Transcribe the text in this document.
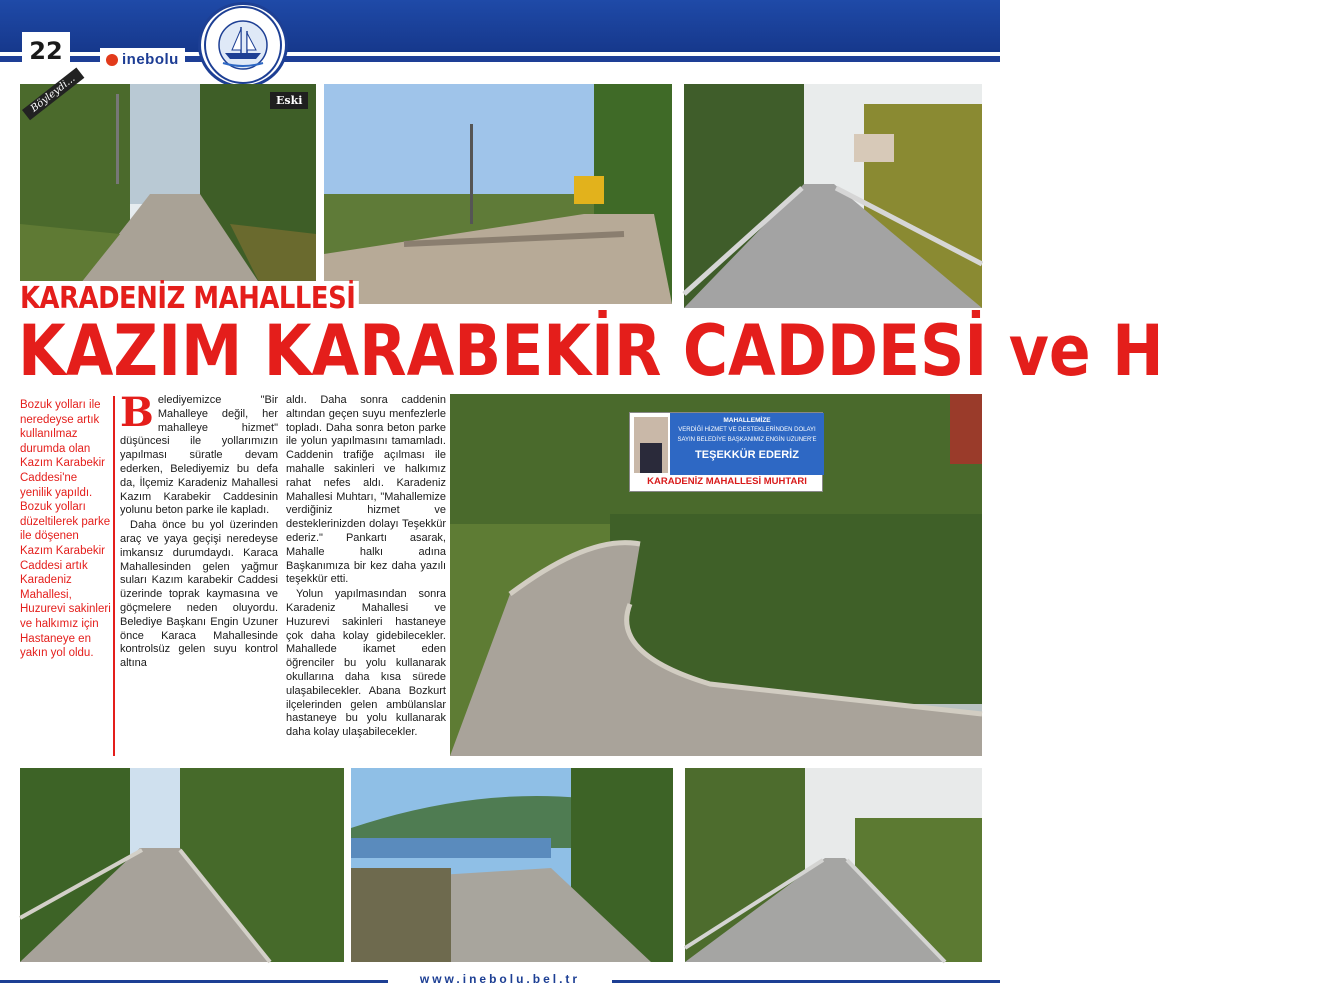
22	inebolu
Böyleydi...	Eski
KARADENİZ MAHALLESİ
KAZIM KARABEKİR CADDESİ ve H
Bozuk yolları ile neredeyse artık kullanılmaz durumda olan Kazım Karabekir Caddesi'ne yenilik yapıldı. Bozuk yolları düzeltilerek parke ile döşenen Kazım Karabekir Caddesi artık Karadeniz Mahallesi, Huzurevi sakinleri ve halkımız için Hastaneye en yakın yol oldu.

Belediyemizce "Bir Mahalleye değil, her mahalleye hizmet" düşüncesi ile yollarımızın yapılması süratle devam ederken, Belediyemiz bu defa da, İlçemiz Karadeniz Mahallesi Kazım Karabekir Caddesinin yolunu beton parke ile kapladı.

Daha önce bu yol üzerinden araç ve yaya geçişi neredeyse imkansız durumdaydı. Karaca Mahallesinden gelen yağmur suları Kazım karabekir Caddesi üzerinde toprak kaymasına ve göçmelere neden oluyordu. Belediye Başkanı Engin Uzuner önce Karaca Mahallesinde kontrolsüz gelen suyu kontrol altına

aldı. Daha sonra caddenin altından geçen suyu menfezlerle topladı. Daha sonra beton parke ile yolun yapılmasını tamamladı. Caddenin trafiğe açılması ile mahalle sakinleri ve halkımız rahat nefes aldı. Karadeniz Mahallesi Muhtarı, "Mahallemize verdiğiniz hizmet ve desteklerinizden dolayı Teşekkür ederiz." Pankartı asarak, Mahalle halkı adına Başkanımıza bir kez daha yazılı teşekkür etti.

Yolun yapılmasından sonra Karadeniz Mahallesi ve Huzurevi sakinleri hastaneye çok daha kolay gidebilecekler. Mahallede ikamet eden öğrenciler bu yolu kullanarak okullarına daha kısa sürede ulaşabilecekler. Abana Bozkurt ilçelerinden gelen ambülanslar hastaneye bu yolu kullanarak daha kolay ulaşabilecekler.

MAHALLEMİZE
VERDİĞİ HİZMET VE DESTEKLERİNDEN DOLAYI
SAYIN BELEDİYE BAŞKANIMIZ ENGİN UZUNER'E
TEŞEKKÜR EDERİZ
KARADENİZ MAHALLESİ MUHTARI
www.inebolu.bel.tr
